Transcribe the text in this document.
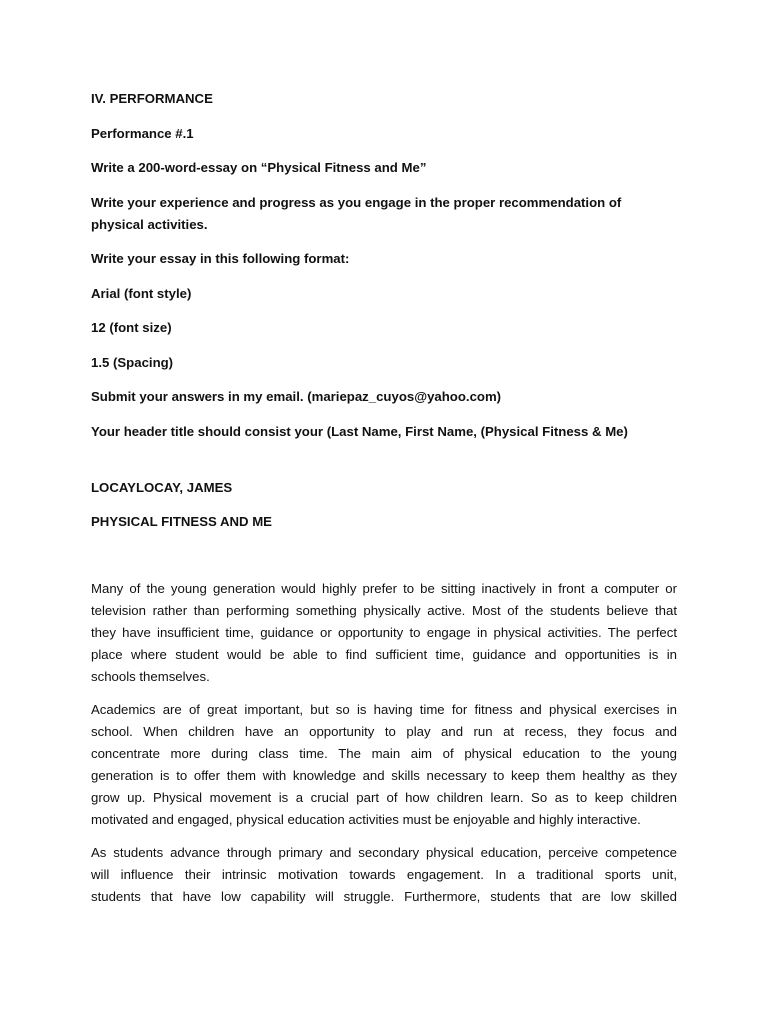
IV. PERFORMANCE
Performance #.1
Write a 200-word-essay on “Physical Fitness and Me”
Write your experience and progress as you engage in the proper recommendation of physical activities.
Write your essay in this following format:
Arial (font style)
12 (font size)
1.5 (Spacing)
Submit your answers in my email. (mariepaz_cuyos@yahoo.com)
Your header title should consist your (Last Name, First Name, (Physical Fitness & Me)
LOCAYLOCAY, JAMES
PHYSICAL FITNESS AND ME
Many of the young generation would highly prefer to be sitting inactively in front a computer or
television rather than performing something physically active. Most of the students believe that
they have insufficient time, guidance or opportunity to engage in physical activities. The perfect
place where student would be able to find sufficient time, guidance and opportunities is in
schools themselves.
Academics are of great important, but so is having time for fitness and physical exercises in
school. When children have an opportunity to play and run at recess, they focus and
concentrate more during class time. The main aim of physical education to the young
generation is to offer them with knowledge and skills necessary to keep them healthy as they
grow up. Physical movement is a crucial part of how children learn. So as to keep children
motivated and engaged, physical education activities must be enjoyable and highly interactive.
As students advance through primary and secondary physical education, perceive competence
will influence their intrinsic motivation towards engagement. In a traditional sports unit,
students that have low capability will struggle. Furthermore, students that are low skilled
